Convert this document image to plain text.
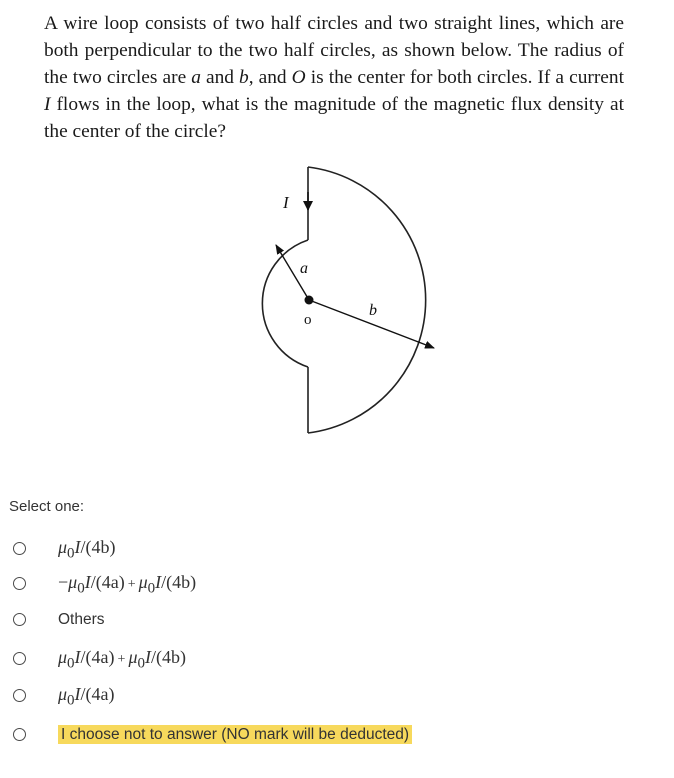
A wire loop consists of two half circles and two straight lines, which are both perpendicular to the two half circles, as shown below. The radius of the two circles are a and b, and O is the center for both circles. If a current I flows in the loop, what is the magnitude of the magnetic flux density at the center of the circle?
I
a
b
o
Select one:
$\mu_0I/(4b)$
$-\mu_0I/(4a) + \mu_0I/(4b)$
Others
$\mu_0I/(4a) + \mu_0I/(4b)$
$\mu_0I/(4a)$
I choose not to answer (NO mark will be deducted)
